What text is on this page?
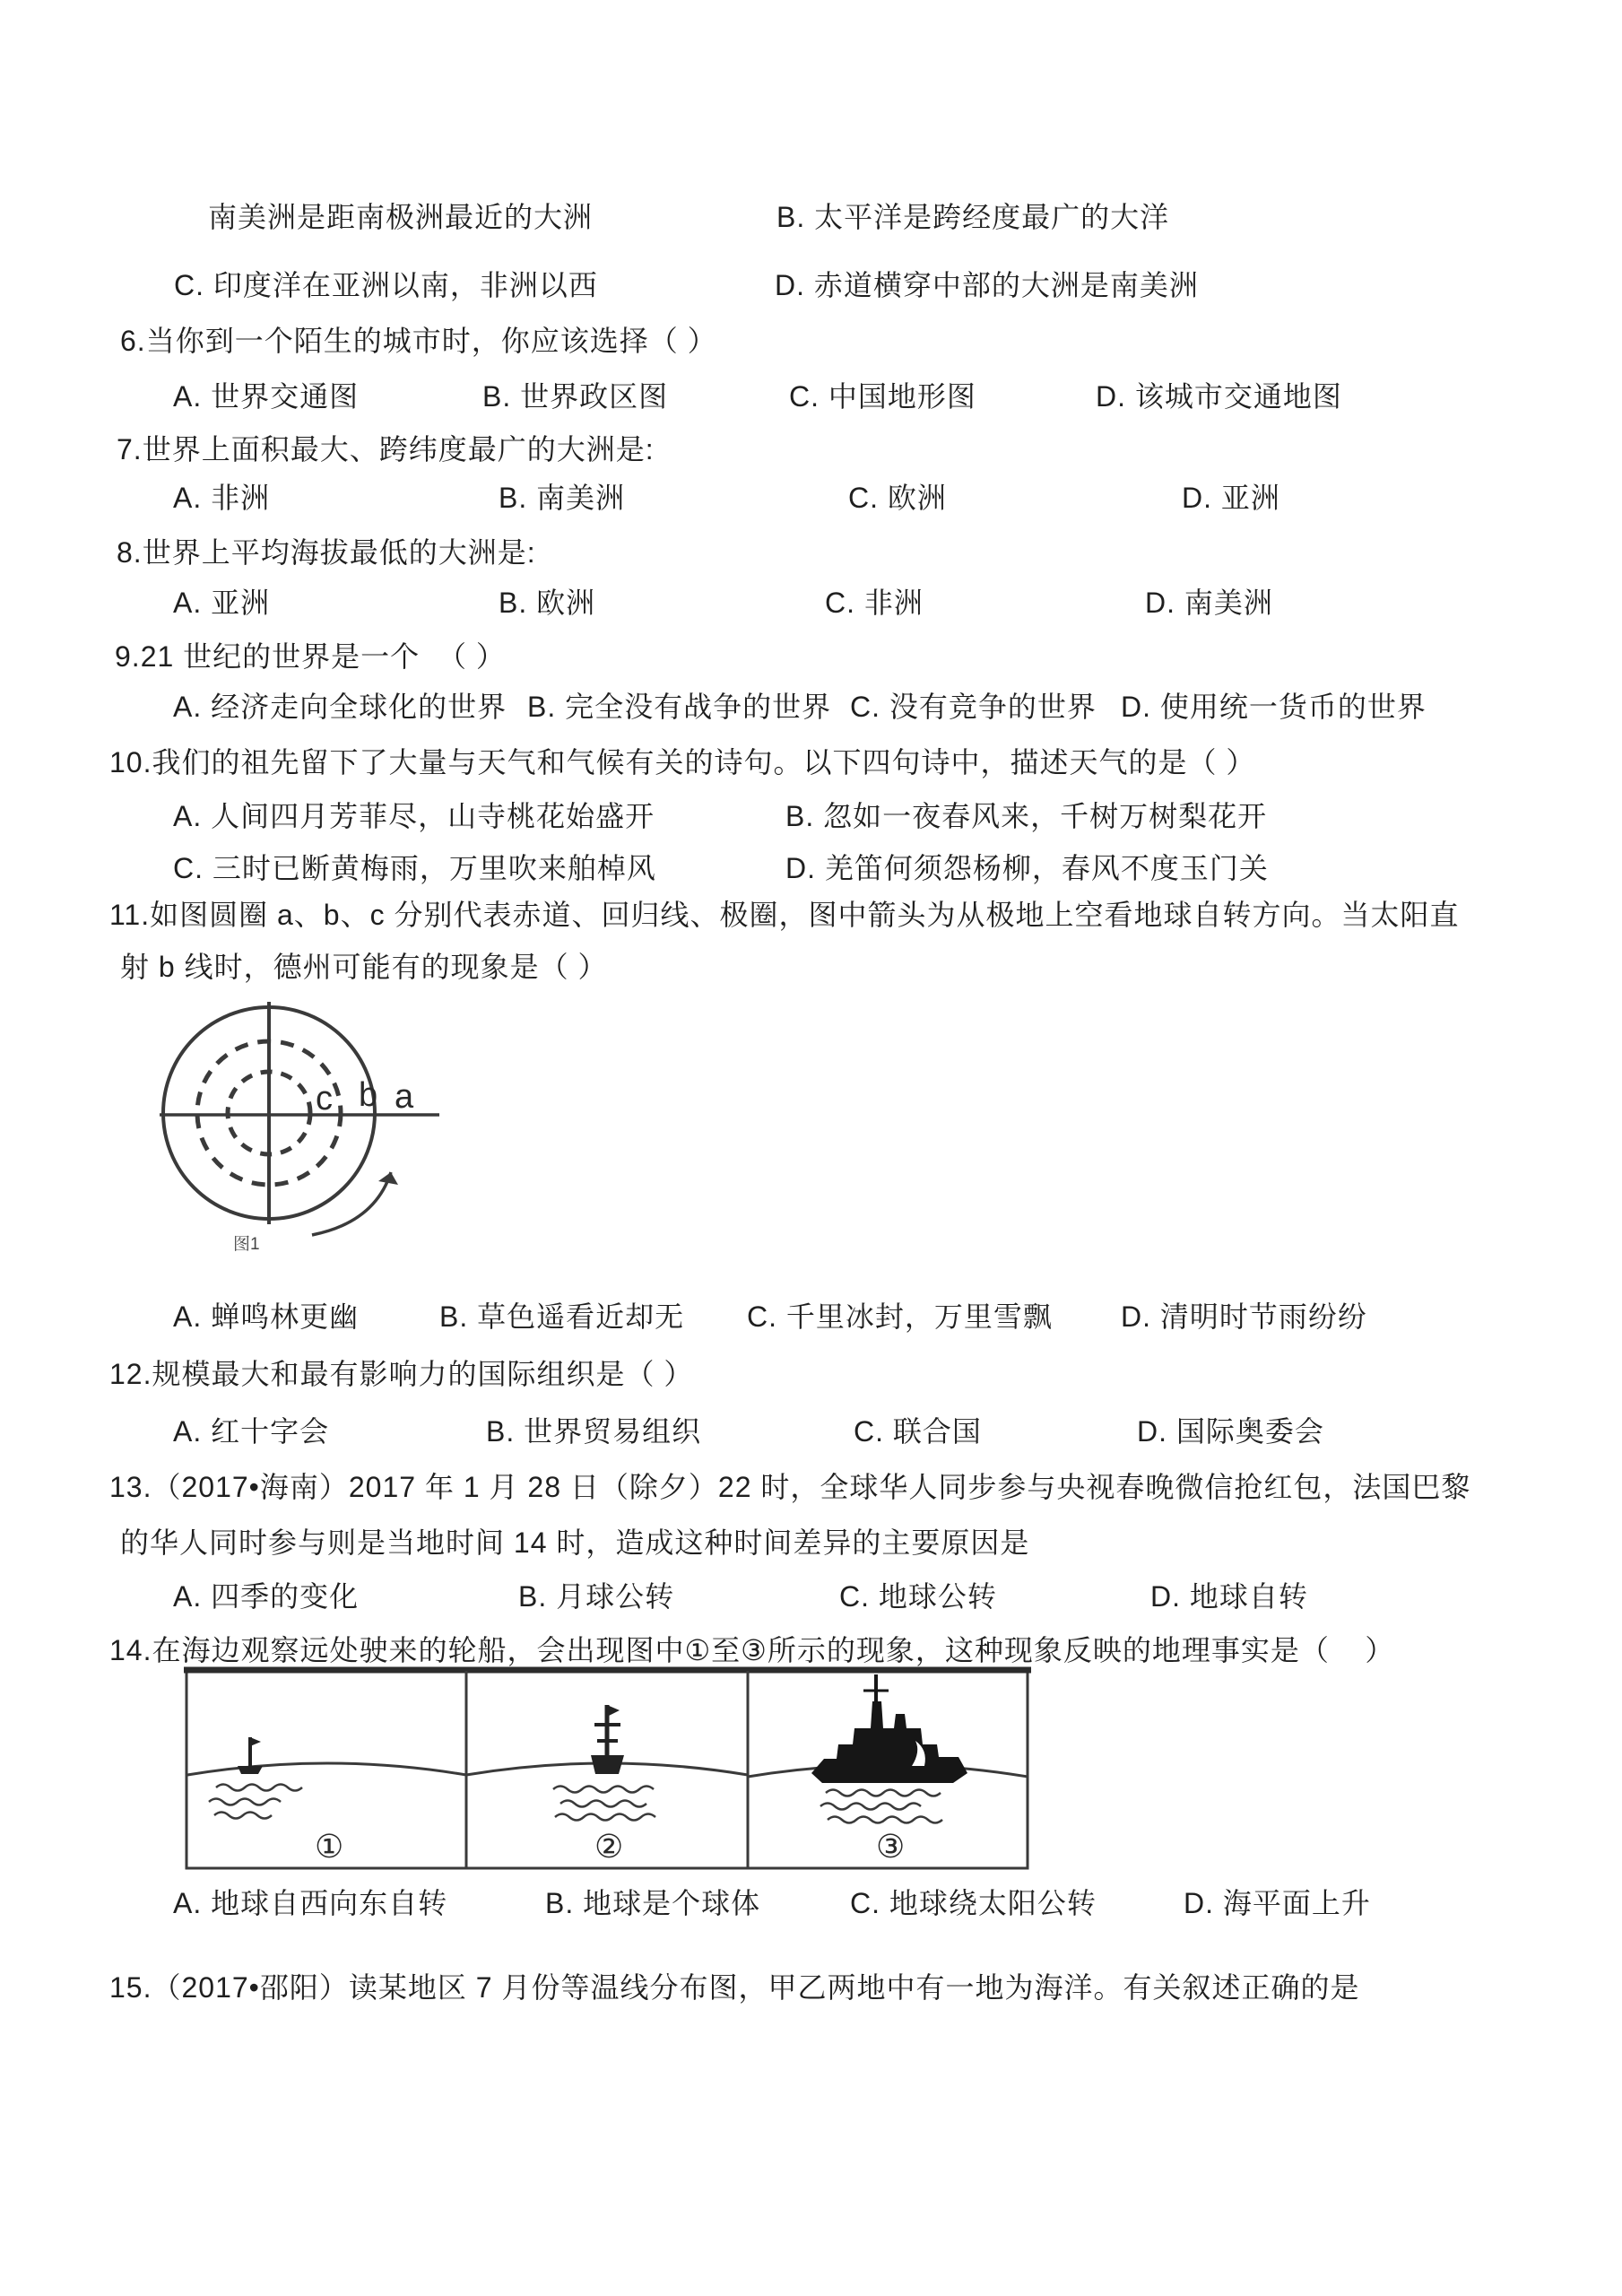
南美洲是距南极洲最近的大洲	B. 太平洋是跨经度最广的大洋
C. 印度洋在亚洲以南，非洲以西	D. 赤道横穿中部的大洲是南美洲
6.当你到一个陌生的城市时，你应该选择（ ）
A. 世界交通图	B. 世界政区图	C. 中国地形图	D. 该城市交通地图
7.世界上面积最大、跨纬度最广的大洲是:
A. 非洲	B. 南美洲	C. 欧洲	D. 亚洲
8.世界上平均海拔最低的大洲是:
A. 亚洲	B. 欧洲	C. 非洲	D. 南美洲
9.21 世纪的世界是一个  （ ）
A. 经济走向全球化的世界 B. 完全没有战争的世界 C. 没有竞争的世界 D. 使用统一货币的世界
10.我们的祖先留下了大量与天气和气候有关的诗句。以下四句诗中，描述天气的是（ ）
A. 人间四月芳菲尽，山寺桃花始盛开	B. 忽如一夜春风来，千树万树梨花开
C. 三时已断黄梅雨，万里吹来舶棹风	D. 羌笛何须怨杨柳，春风不度玉门关
11.如图圆圈 a、b、c 分别代表赤道、回归线、极圈，图中箭头为从极地上空看地球自转方向。当太阳直
射 b 线时，德州可能有的现象是（ ）
c b a
图1
A. 蝉鸣林更幽	B. 草色遥看近却无 C. 千里冰封，万里雪飘 D. 清明时节雨纷纷
12.规模最大和最有影响力的国际组织是（ ）
A. 红十字会	B. 世界贸易组织	C. 联合国	D. 国际奥委会
13.（2017•海南）2017 年 1 月 28 日（除夕）22 时，全球华人同步参与央视春晚微信抢红包，法国巴黎
的华人同时参与则是当地时间 14 时，造成这种时间差异的主要原因是
A. 四季的变化	B. 月球公转	C. 地球公转	D. 地球自转
14.在海边观察远处驶来的轮船，会出现图中①至③所示的现象，这种现象反映的地理事实是（    ）
①	②	③
A. 地球自西向东自转	B. 地球是个球体	C. 地球绕太阳公转	D. 海平面上升
15.（2017•邵阳）读某地区 7 月份等温线分布图，甲乙两地中有一地为海洋。有关叙述正确的是
